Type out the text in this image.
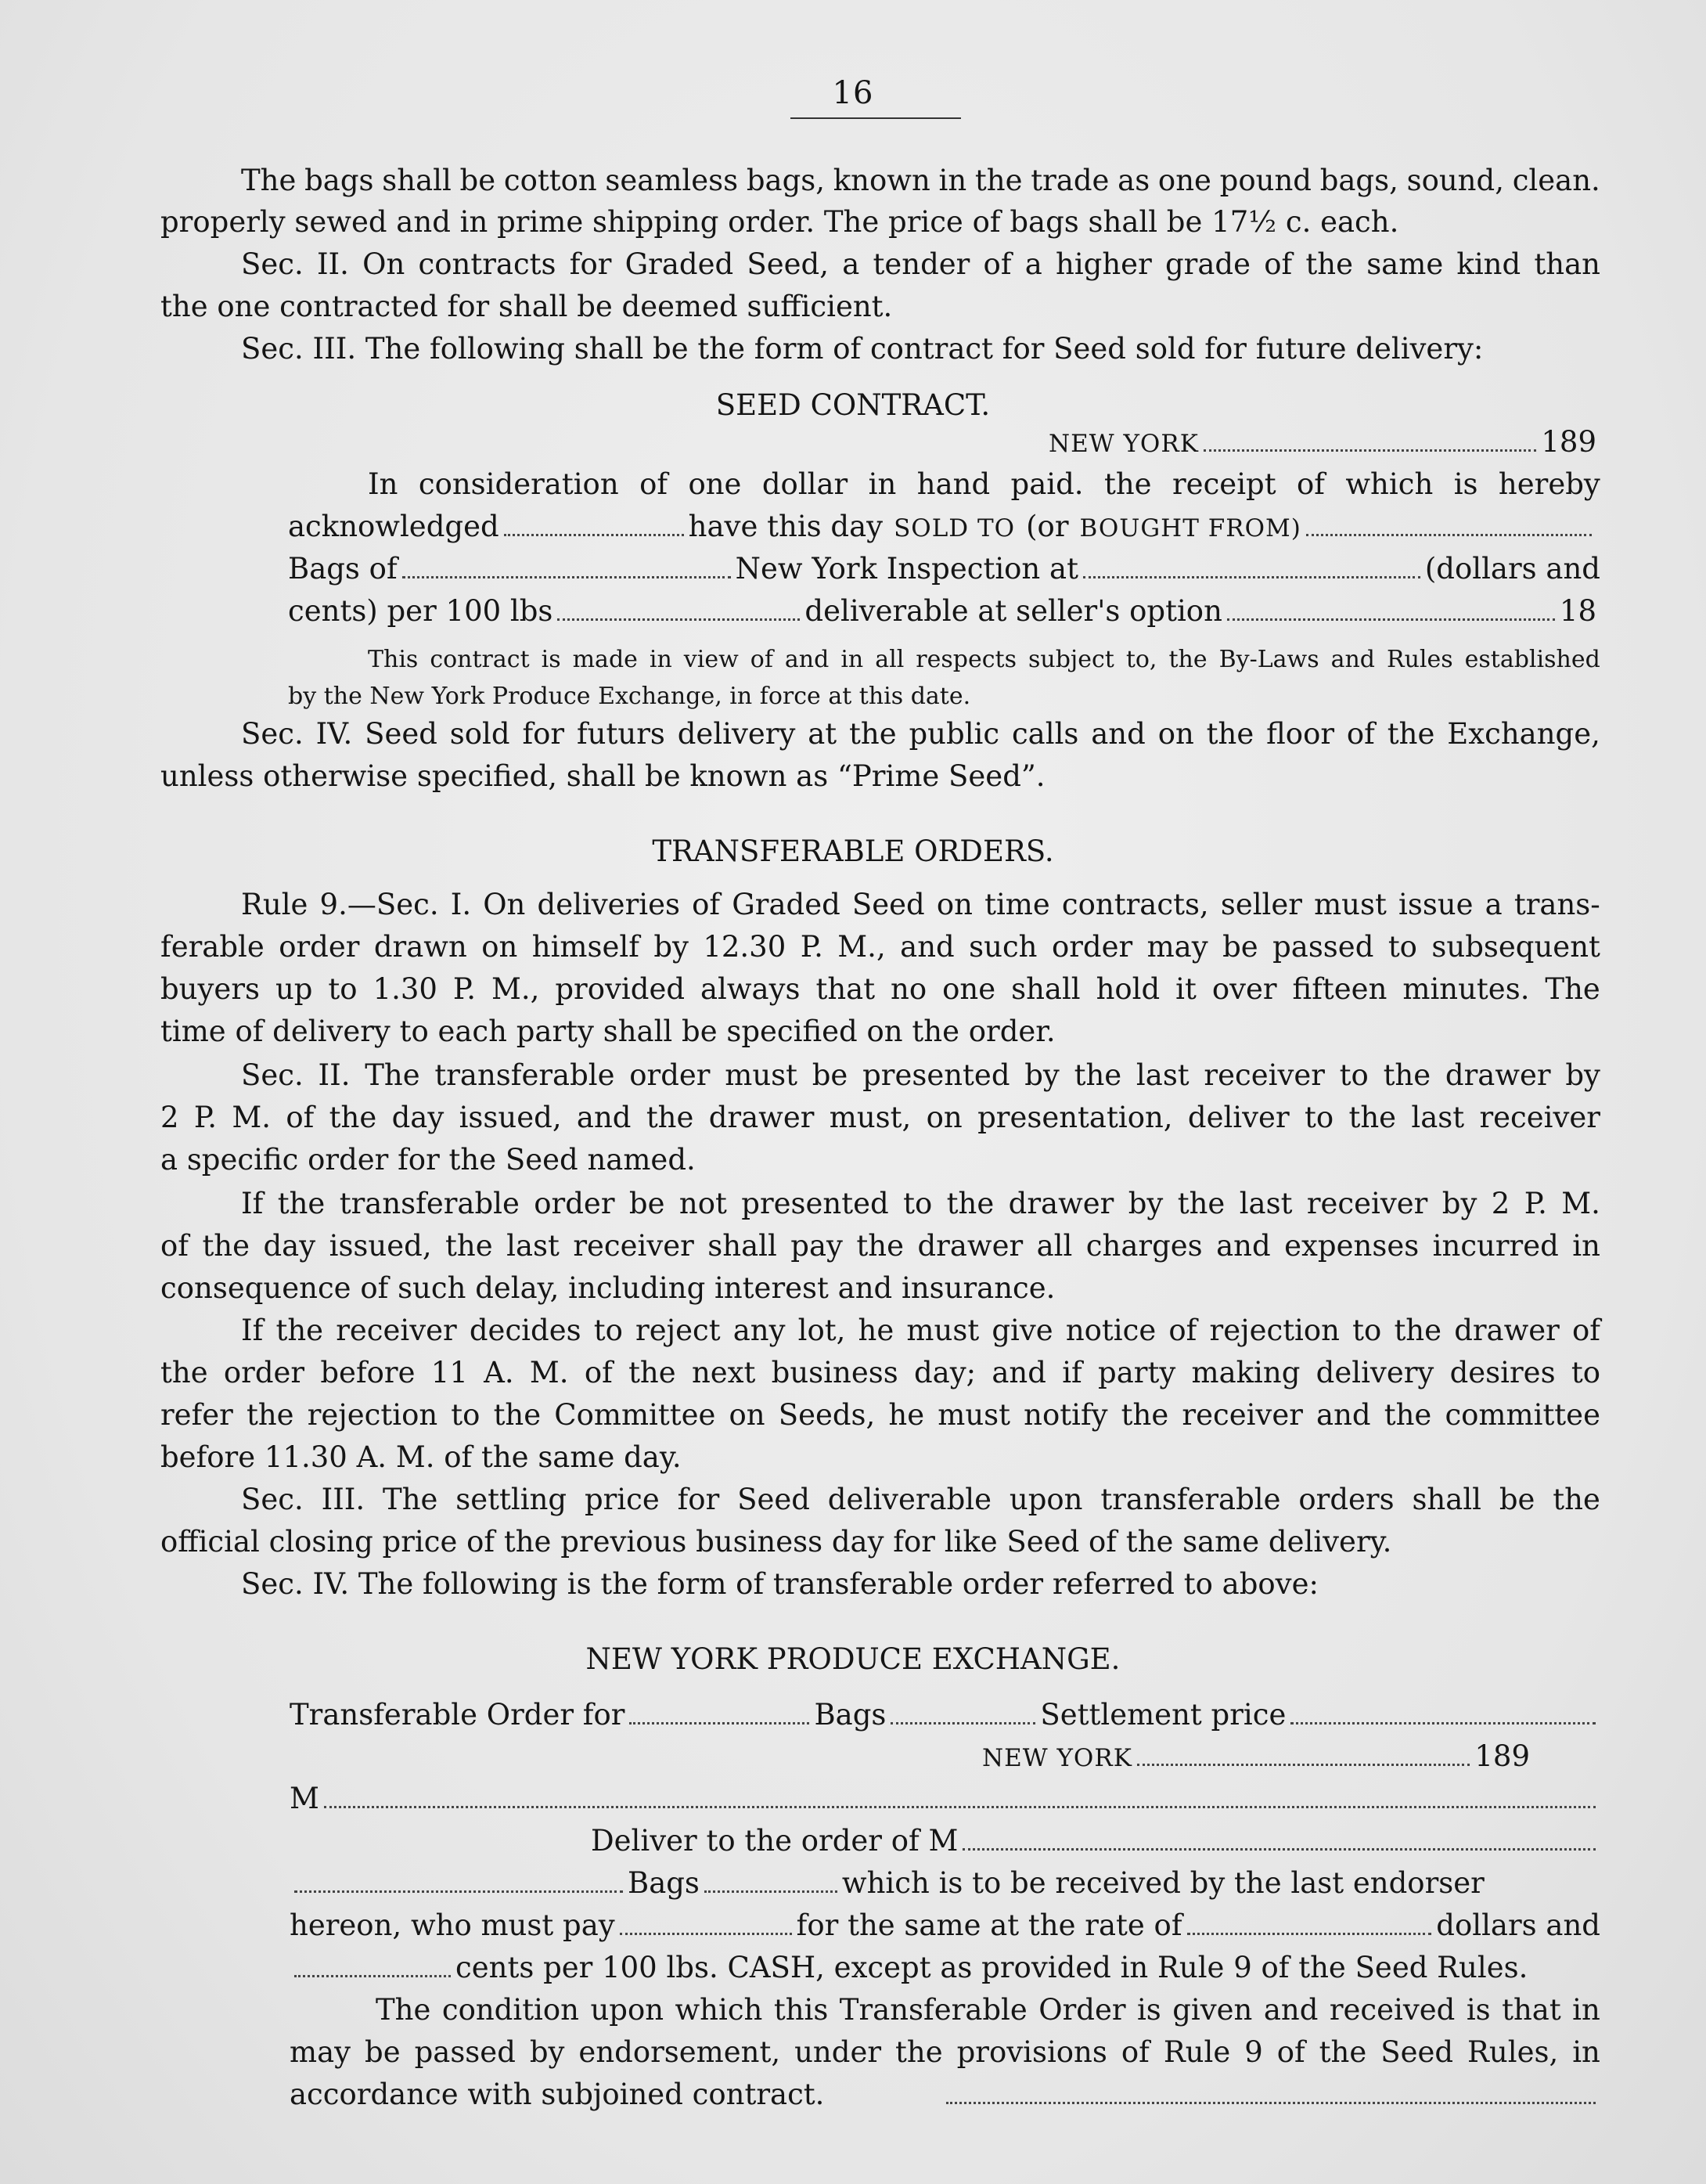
16
The bags shall be cotton seamless bags, known in the trade as one pound bags, sound, clean.
properly sewed and in prime shipping order. The price of bags shall be 17½ c. each.
Sec. II. On contracts for Graded Seed, a tender of a higher grade of the same kind than
the one contracted for shall be deemed sufficient.
Sec. III. The following shall be the form of contract for Seed sold for future delivery:
SEED CONTRACT.
NEW YORK	189
In consideration of one dollar in hand paid. the receipt of which is hereby
acknowledged	have this day SOLD TO (or BOUGHT FROM)
Bags of	New York Inspection at	(dollars and
cents) per 100 lbs	deliverable at seller's option	18
This contract is made in view of and in all respects subject to, the By-Laws and Rules established
by the New York Produce Exchange, in force at this date.
Sec. IV. Seed sold for futurs delivery at the public calls and on the floor of the Exchange,
unless otherwise specified, shall be known as “Prime Seed”.
TRANSFERABLE ORDERS.
Rule 9.—Sec. I. On deliveries of Graded Seed on time contracts, seller must issue a trans-
ferable order drawn on himself by 12.30 P. M., and such order may be passed to subsequent
buyers up to 1.30 P. M., provided always that no one shall hold it over fifteen minutes. The
time of delivery to each party shall be specified on the order.
Sec. II. The transferable order must be presented by the last receiver to the drawer by
2 P. M. of the day issued, and the drawer must, on presentation, deliver to the last receiver
a specific order for the Seed named.
If the transferable order be not presented to the drawer by the last receiver by 2 P. M.
of the day issued, the last receiver shall pay the drawer all charges and expenses incurred in
consequence of such delay, including interest and insurance.
If the receiver decides to reject any lot, he must give notice of rejection to the drawer of
the order before 11 A. M. of the next business day; and if party making delivery desires to
refer the rejection to the Committee on Seeds, he must notify the receiver and the committee
before 11.30 A. M. of the same day.
Sec. III. The settling price for Seed deliverable upon transferable orders shall be the
official closing price of the previous business day for like Seed of the same delivery.
Sec. IV. The following is the form of transferable order referred to above:
NEW YORK PRODUCE EXCHANGE.
Transferable Order for	Bags	Settlement price
NEW YORK	189
M
Deliver to the order of M
Bags	which is to be received by the last endorser
hereon, who must pay	for the same at the rate of	dollars and
cents per 100 lbs. CASH, except as provided in Rule 9 of the Seed Rules.
The condition upon which this Transferable Order is given and received is that in
may be passed by endorsement, under the provisions of Rule 9 of the Seed Rules, in
accordance with subjoined contract.
